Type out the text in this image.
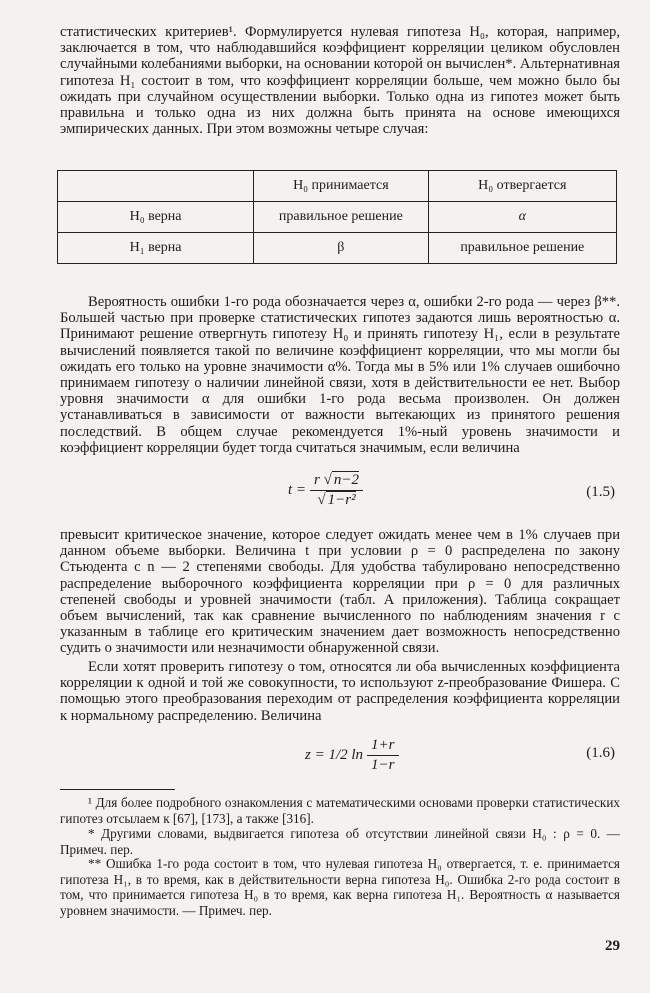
статистических критериев¹. Формулируется нулевая гипотеза H₀, которая, например, заключается в том, что наблюдавшийся коэффициент корреляции целиком обусловлен случайными колебаниями выборки, на основании которой он вычислен*. Альтернативная гипотеза H₁ состоит в том, что коэффициент корреляции больше, чем можно было бы ожидать при случайном осуществлении выборки. Только одна из гипотез может быть правильна и только одна из них должна быть принята на основе имеющихся эмпирических данных. При этом возможны четыре случая:

	H₀ принимается	H₀ отвергается
H₀ верна	правильное решение	α
H₁ верна	β	правильное решение

Вероятность ошибки 1-го рода обозначается через α, ошибки 2-го рода — через β**. Большей частью при проверке статистических гипотез задаются лишь вероятностью α. Принимают решение отвергнуть гипотезу H₀ и принять гипотезу H₁, если в результате вычислений появляется такой по величине коэффициент корреляции, что мы могли бы ожидать его только на уровне значимости α%. Тогда мы в 5% или 1% случаев ошибочно принимаем гипотезу о наличии линейной связи, хотя в действительности ее нет. Выбор уровня значимости α для ошибки 1-го рода весьма произволен. Он должен устанавливаться в зависимости от важности вытекающих из принятого решения последствий. В общем случае рекомендуется 1%-ный уровень значимости и коэффициент корреляции будет тогда считаться значимым, если величина

$t = \frac{r √ n-2}{\text{√ 1−r²}}$	(1.5)

превысит критическое значение, которое следует ожидать менее чем в 1% случаев при данном объеме выборки. Величина t при условии ρ = 0 распределена по закону Стьюдента с n — 2 степенями свободы. Для удобства табулировано непосредственно распределение выборочного коэффициента корреляции при ρ = 0 для различных степеней свободы и уровней значимости (табл. А приложения). Таблица сокращает объем вычислений, так как сравнение вычисленного по наблюдениям значения r с указанным в таблице его критическим значением дает возможность непосредственно судить о значимости или незначимости обнаруженной связи.

Если хотят проверить гипотезу о том, относятся ли оба вычисленных коэффициента корреляции к одной и той же совокупности, то используют z-преобразование Фишера. С помощью этого преобразования переходим от распределения коэффициента корреляции к нормальному распределению. Величина

z = 1/2 $\ln \frac{1+r}{1-r}$	(1.6)

¹ Для более подробного ознакомления с математическими основами проверки статистических гипотез отсылаем к [67], [173], а также [316].

* Другими словами, выдвигается гипотеза об отсутствии линейной связи H₀ : ρ = 0. — Примеч. пер.

** Ошибка 1-го рода состоит в том, что нулевая гипотеза H₀ отвергается, т. е. принимается гипотеза H₁, в то время, как в действительности верна гипотеза H₀. Ошибка 2-го рода состоит в том, что принимается гипотеза H₀ в то время, как верна гипотеза H₁. Вероятность α называется уровнем значимости. — Примеч. пер.

29
